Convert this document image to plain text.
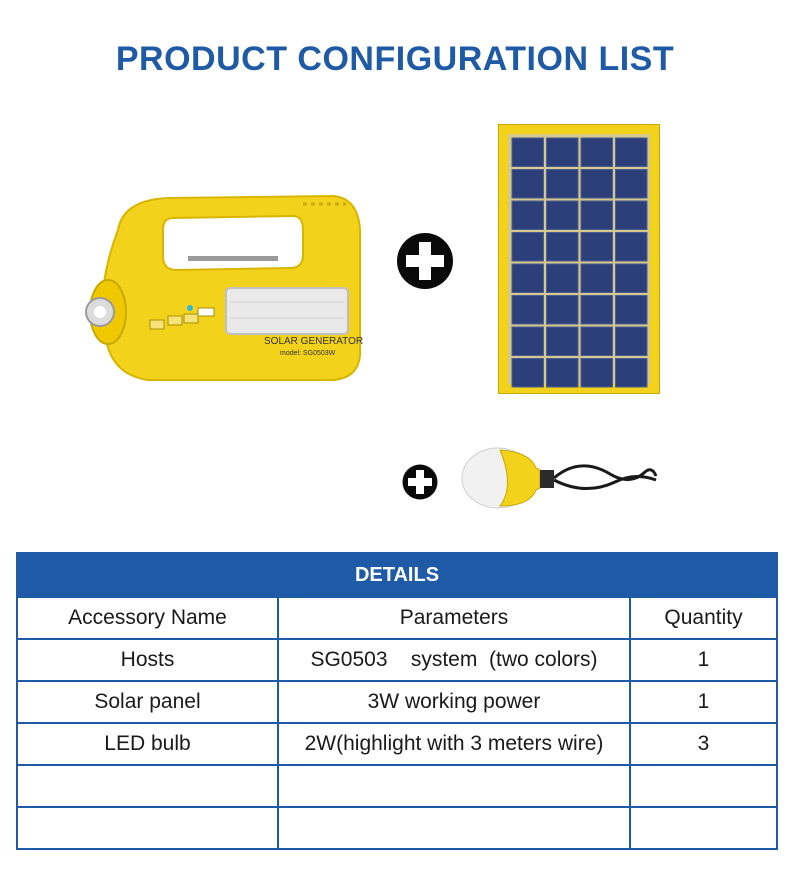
PRODUCT CONFIGURATION LIST
SOLAR GENERATOR
model: SG0503W
DETAILS		
Accessory Name	Parameters	Quantity
Hosts	SG0503    system  (two colors)	1
Solar panel	3W working power	1
LED bulb	2W(highlight with 3 meters wire)	3
